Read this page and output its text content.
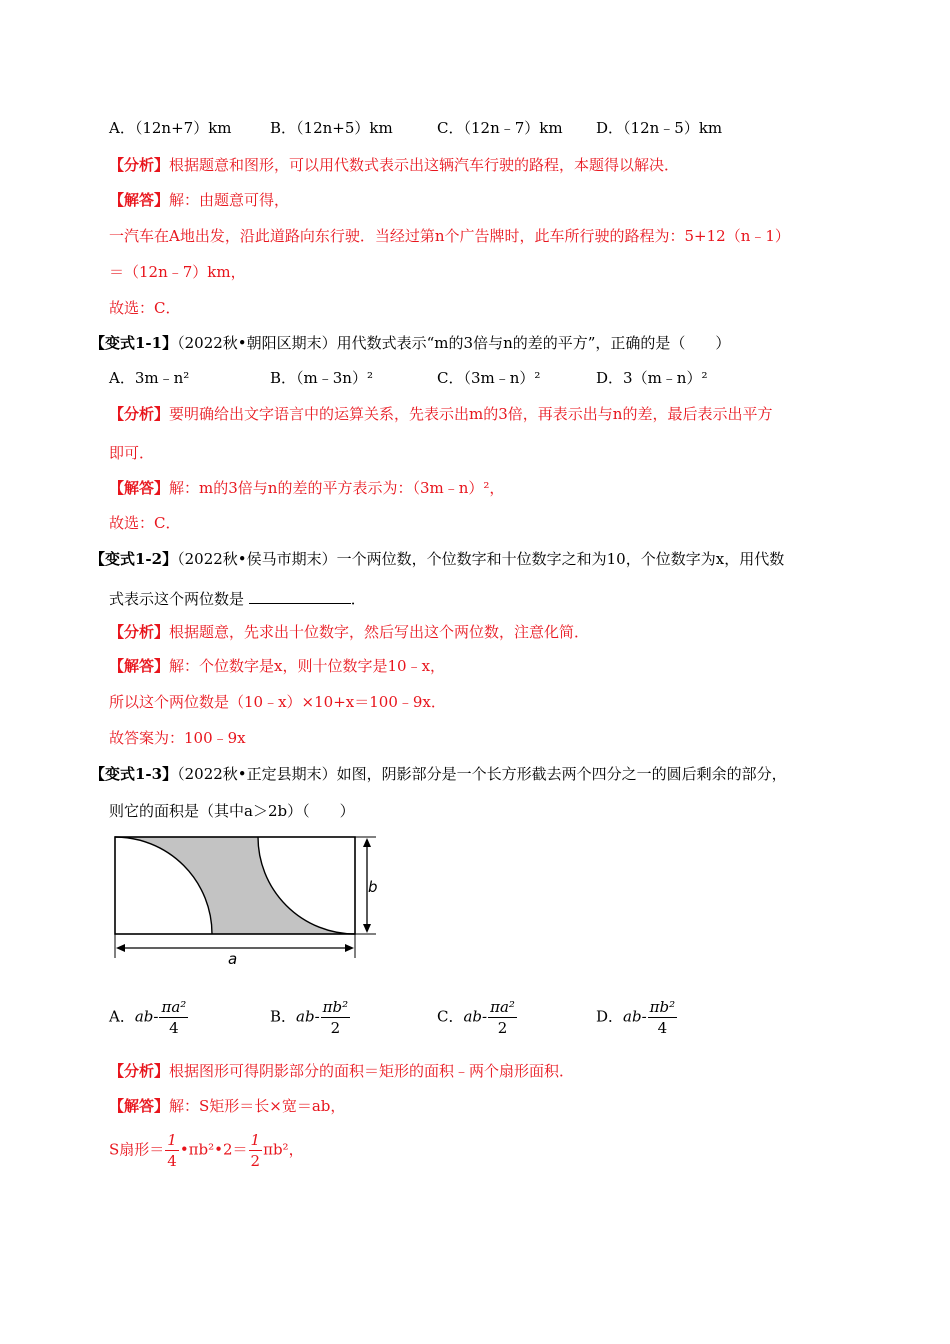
A．（12n+7）km	B．（12n+5）km	C．（12n﹣7）km D．（12n﹣5）km
【分析】根据题意和图形，可以用代数式表示出这辆汽车行驶的路程，本题得以解决．
【解答】解：由题意可得，
一汽车在A地出发，沿此道路向东行驶．当经过第n个广告牌时，此车所行驶的路程为：5+12（n﹣1）
＝（12n﹣7）km，
故选：C．
【变式1-1】（2022秋•朝阳区期末）用代数式表示“m的3倍与n的差的平方”，正确的是（　　）
A．3m﹣n²	B．（m﹣3n）²	C．（3m﹣n）²	D．3（m﹣n）²
【分析】要明确给出文字语言中的运算关系，先表示出m的3倍，再表示出与n的差，最后表示出平方
即可．
【解答】解：m的3倍与n的差的平方表示为：（3m﹣n）²，
故选：C．
【变式1-2】（2022秋•侯马市期末）一个两位数，个位数字和十位数字之和为10，个位数字为x，用代数
式表示这个两位数是	．
【分析】根据题意，先求出十位数字，然后写出这个两位数，注意化简．
【解答】解：个位数字是x，则十位数字是10﹣x，
所以这个两位数是（10﹣x）×10+x＝100﹣9x．
故答案为：100﹣9x
【变式1-3】（2022秋•正定县期末）如图，阴影部分是一个长方形截去两个四分之一的圆后剩余的部分，
则它的面积是（其中a＞2b）（　　）
a
b
A．$ab- \frac{\text{πa²}}{4}$	B．$ab- \frac{\text{πb²}}{2}$	C．$ab- \frac{\text{πa²}}{2}$	D．$ab- \frac{\text{πb²}}{4}$
【分析】根据图形可得阴影部分的面积＝矩形的面积﹣两个扇形面积．
【解答】解：S矩形＝长×宽＝ab，
S扇形＝ $\frac{1}{4}$ •πb²•2＝ $\frac{1}{2} \pi b^2$，
